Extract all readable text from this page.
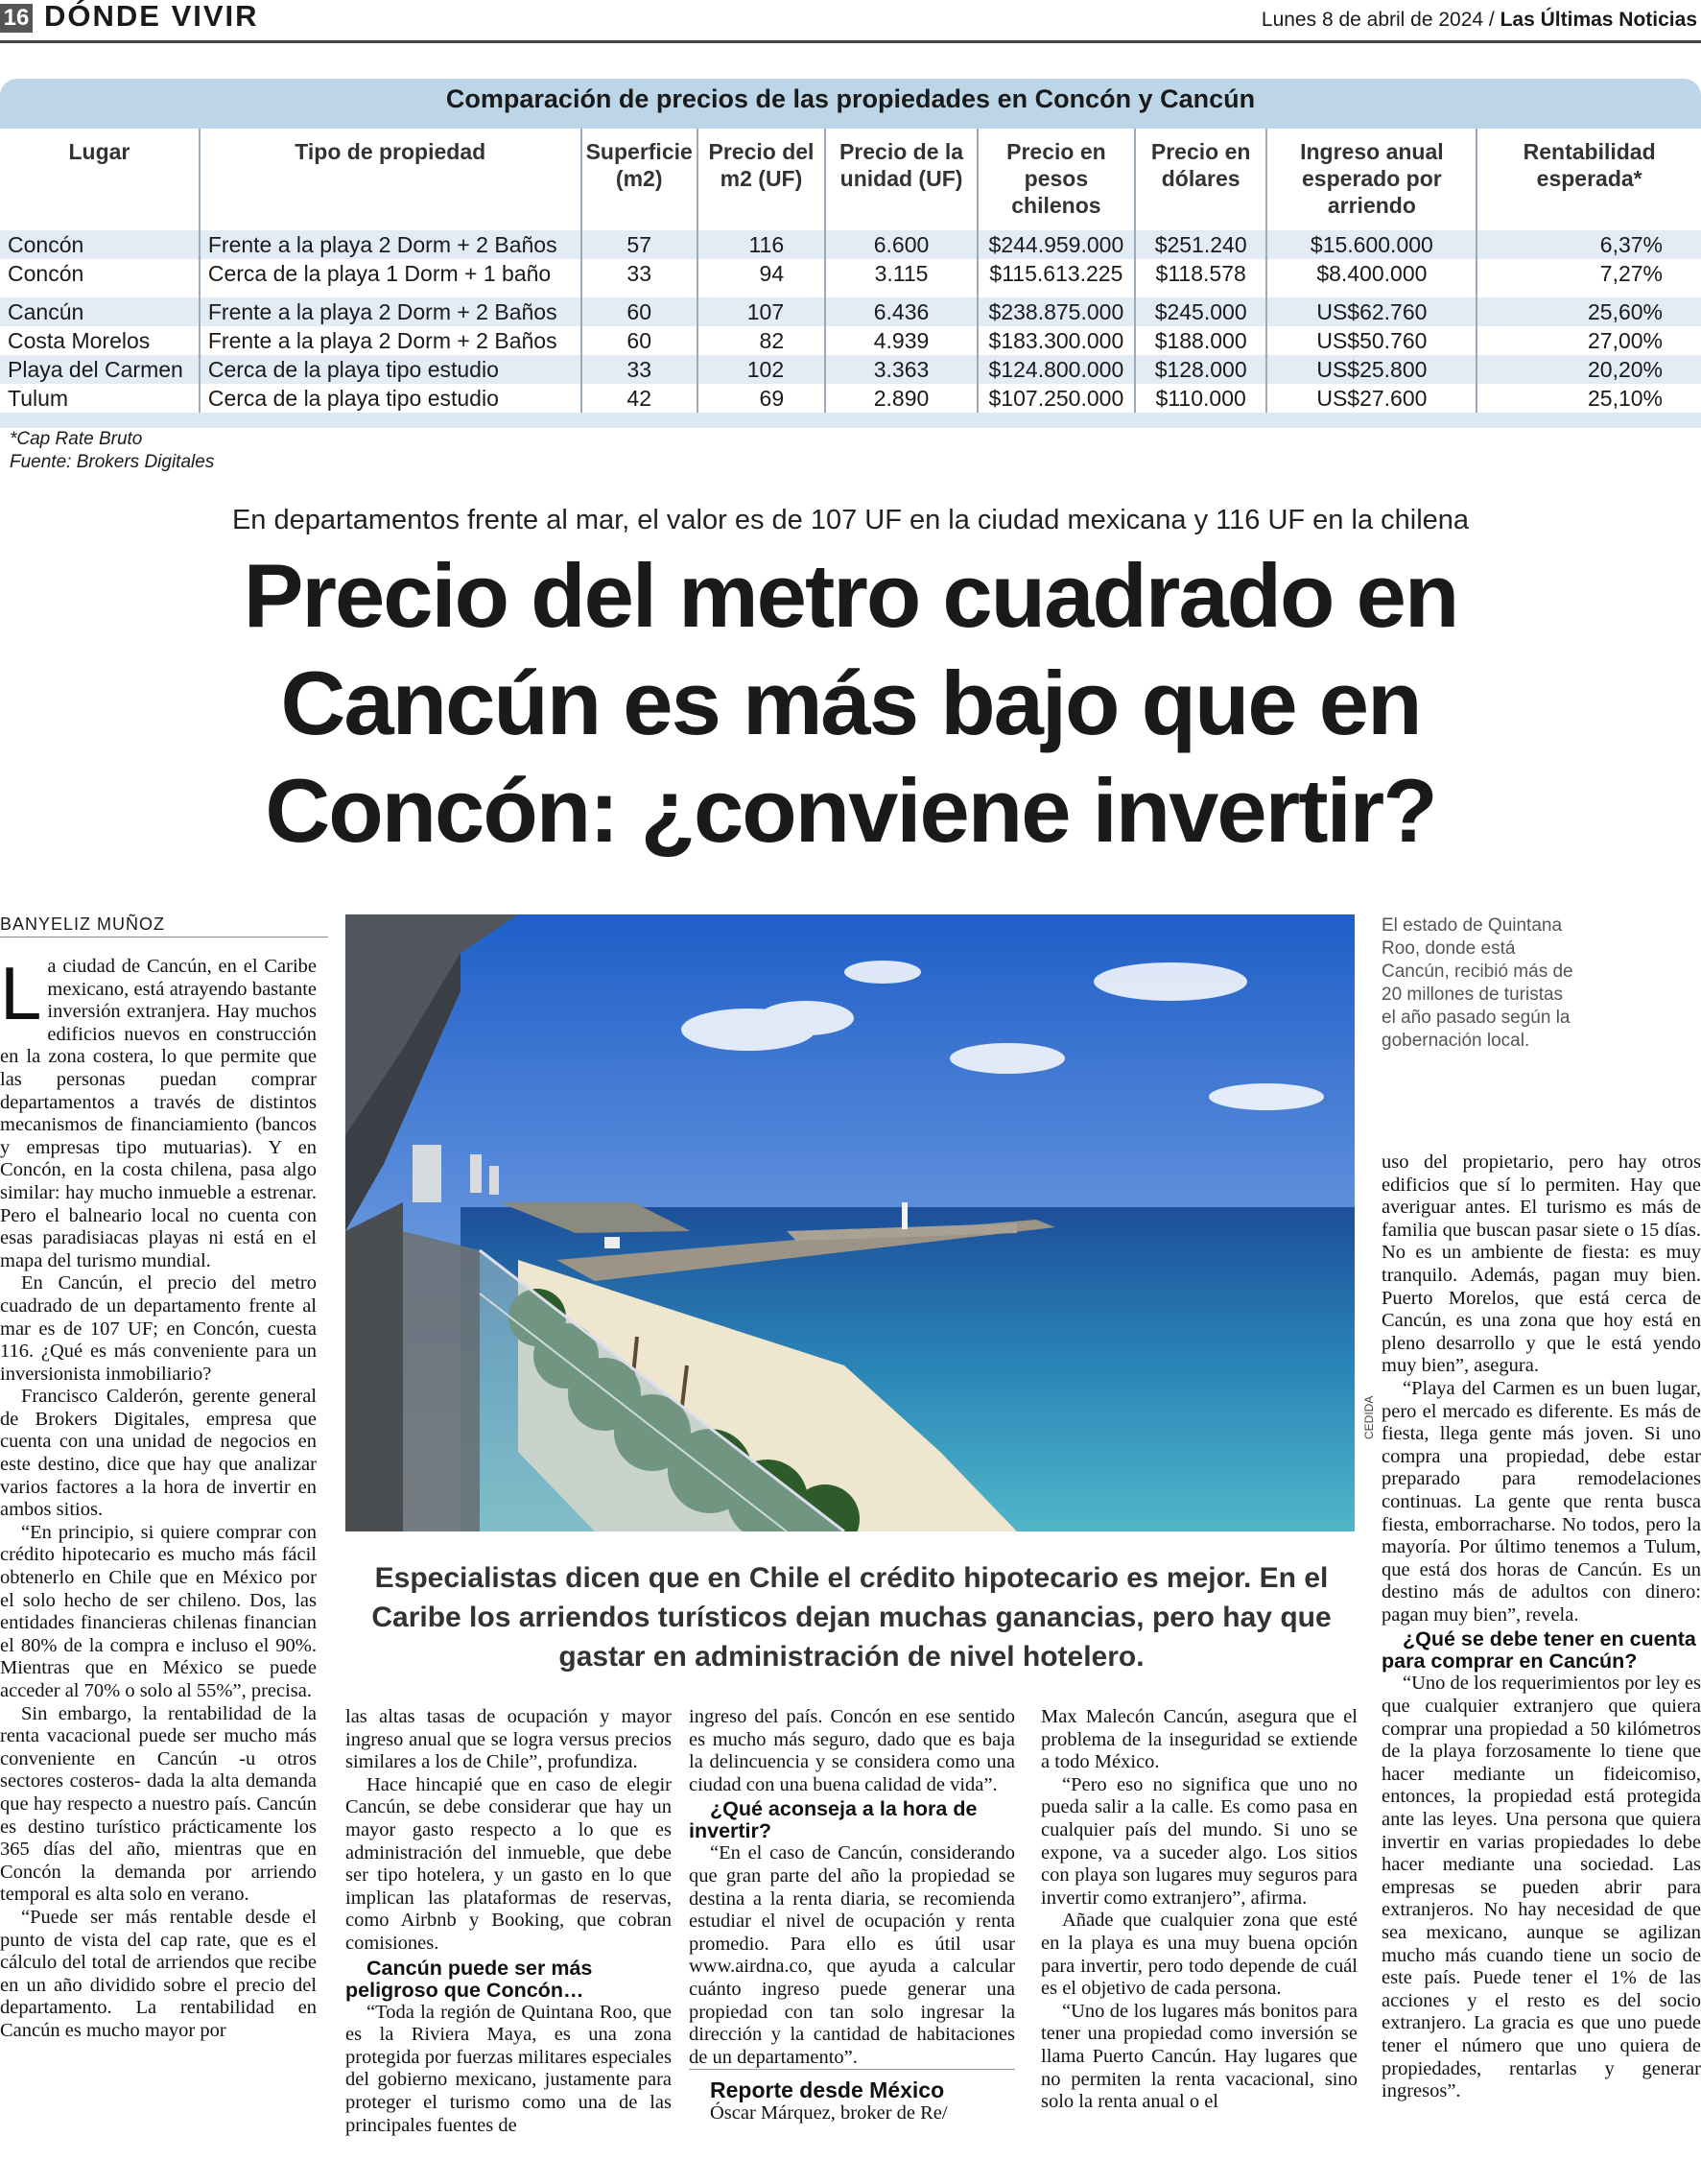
16 DÓNDE VIVIR	Lunes 8 de abril de 2024 / Las Últimas Noticias
Comparación de precios de las propiedades en Concón y Cancún
Lugar	Tipo de propiedad	Superficie (m2)	Precio del m2 (UF)	Precio de la unidad (UF)	Precio en pesos chilenos	Precio en dólares	Ingreso anual esperado por arriendo	Rentabilidad esperada*
Concón	Frente a la playa 2 Dorm + 2 Baños	57	116	6.600	$244.959.000	$251.240	$15.600.000	6,37%
Concón	Cerca de la playa 1 Dorm + 1 baño	33	94	3.115	$115.613.225	$118.578	$8.400.000	7,27%

Cancún	Frente a la playa 2 Dorm + 2 Baños	60	107	6.436	$238.875.000	$245.000	US$62.760	25,60%
Costa Morelos	Frente a la playa 2 Dorm + 2 Baños	60	82	4.939	$183.300.000	$188.000	US$50.760	27,00%
Playa del Carmen	Cerca de la playa tipo estudio	33	102	3.363	$124.800.000	$128.000	US$25.800	20,20%
Tulum	Cerca de la playa tipo estudio	42	69	2.890	$107.250.000	$110.000	US$27.600	25,10%
*Cap Rate Bruto
Fuente: Brokers Digitales
En departamentos frente al mar, el valor es de 107 UF en la ciudad mexicana y 116 UF en la chilena
Precio del metro cuadrado en Cancún es más bajo que en Concón: ¿conviene invertir?
BANYELIZ MUÑOZ

La ciudad de Cancún, en el Caribe mexicano, está atrayendo bastante inversión extranjera. Hay muchos edificios nuevos en construcción en la zona costera, lo que permite que las personas puedan comprar departamentos a través de distintos mecanismos de financiamiento (bancos y empresas tipo mutuarias). Y en Concón, en la costa chilena, pasa algo similar: hay mucho inmueble a estrenar. Pero el balneario local no cuenta con esas paradisiacas playas ni está en el mapa del turismo mundial.

En Cancún, el precio del metro cuadrado de un departamento frente al mar es de 107 UF; en Concón, cuesta 116. ¿Qué es más conveniente para un inversionista inmobiliario?

Francisco Calderón, gerente general de Brokers Digitales, empresa que cuenta con una unidad de negocios en este destino, dice que hay que analizar varios factores a la hora de invertir en ambos sitios.

“En principio, si quiere comprar con crédito hipotecario es mucho más fácil obtenerlo en Chile que en México por el solo hecho de ser chileno. Dos, las entidades financieras chilenas financian el 80% de la compra e incluso el 90%. Mientras que en México se puede acceder al 70% o solo al 55%”, precisa.

Sin embargo, la rentabilidad de la renta vacacional puede ser mucho más conveniente en Cancún -u otros sectores costeros- dada la alta demanda que hay respecto a nuestro país. Cancún es destino turístico prácticamente los 365 días del año, mientras que en Concón la demanda por arriendo temporal es alta solo en verano.

“Puede ser más rentable desde el punto de vista del cap rate, que es el cálculo del total de arriendos que recibe en un año dividido sobre el precio del departamento. La rentabilidad en Cancún es mucho mayor por

CEDIDA
El estado de Quintana Roo, donde está Cancún, recibió más de 20 millones de turistas el año pasado según la gobernación local.
Especialistas dicen que en Chile el crédito hipotecario es mejor. En el Caribe los arriendos turísticos dejan muchas ganancias, pero hay que gastar en administración de nivel hotelero.

las altas tasas de ocupación y mayor ingreso anual que se logra versus precios similares a los de Chile”, profundiza.

Hace hincapié que en caso de elegir Cancún, se debe considerar que hay un mayor gasto respecto a lo que es administración del inmueble, que debe ser tipo hotelera, y un gasto en lo que implican las plataformas de reservas, como Airbnb y Booking, que cobran comisiones.

Cancún puede ser más peligroso que Concón…

“Toda la región de Quintana Roo, que es la Riviera Maya, es una zona protegida por fuerzas militares especiales del gobierno mexicano, justamente para proteger el turismo como una de las principales fuentes de

ingreso del país. Concón en ese sentido es mucho más seguro, dado que es baja la delincuencia y se considera como una ciudad con una buena calidad de vida”.

¿Qué aconseja a la hora de invertir?

“En el caso de Cancún, considerando que gran parte del año la propiedad se destina a la renta diaria, se recomienda estudiar el nivel de ocupación y renta promedio. Para ello es útil usar www.airdna.co, que ayuda a calcular cuánto ingreso puede generar una propiedad con tan solo ingresar la dirección y la cantidad de habitaciones de un departamento”.

Reporte desde México

Óscar Márquez, broker de Re/

Max Malecón Cancún, asegura que el problema de la inseguridad se extiende a todo México.

“Pero eso no significa que uno no pueda salir a la calle. Es como pasa en cualquier país del mundo. Si uno se expone, va a suceder algo. Los sitios con playa son lugares muy seguros para invertir como extranjero”, afirma.

Añade que cualquier zona que esté en la playa es una muy buena opción para invertir, pero todo depende de cuál es el objetivo de cada persona.

“Uno de los lugares más bonitos para tener una propiedad como inversión se llama Puerto Cancún. Hay lugares que no permiten la renta vacacional, sino solo la renta anual o el

uso del propietario, pero hay otros edificios que sí lo permiten. Hay que averiguar antes. El turismo es más de familia que buscan pasar siete o 15 días. No es un ambiente de fiesta: es muy tranquilo. Además, pagan muy bien. Puerto Morelos, que está cerca de Cancún, es una zona que hoy está en pleno desarrollo y que le está yendo muy bien”, asegura.

“Playa del Carmen es un buen lugar, pero el mercado es diferente. Es más de fiesta, llega gente más joven. Si uno compra una propiedad, debe estar preparado para remodelaciones continuas. La gente que renta busca fiesta, emborracharse. No todos, pero la mayoría. Por último tenemos a Tulum, que está dos horas de Cancún. Es un destino más de adultos con dinero: pagan muy bien”, revela.

¿Qué se debe tener en cuenta para comprar en Cancún?

“Uno de los requerimientos por ley es que cualquier extranjero que quiera comprar una propiedad a 50 kilómetros de la playa forzosamente lo tiene que hacer mediante un fideicomiso, entonces, la propiedad está protegida ante las leyes. Una persona que quiera invertir en varias propiedades lo debe hacer mediante una sociedad. Las empresas se pueden abrir para extranjeros. No hay necesidad de que sea mexicano, aunque se agilizan mucho más cuando tiene un socio de este país. Puede tener el 1% de las acciones y el resto es del socio extranjero. La gracia es que uno puede tener el número que uno quiera de propiedades, rentarlas y generar ingresos”.
